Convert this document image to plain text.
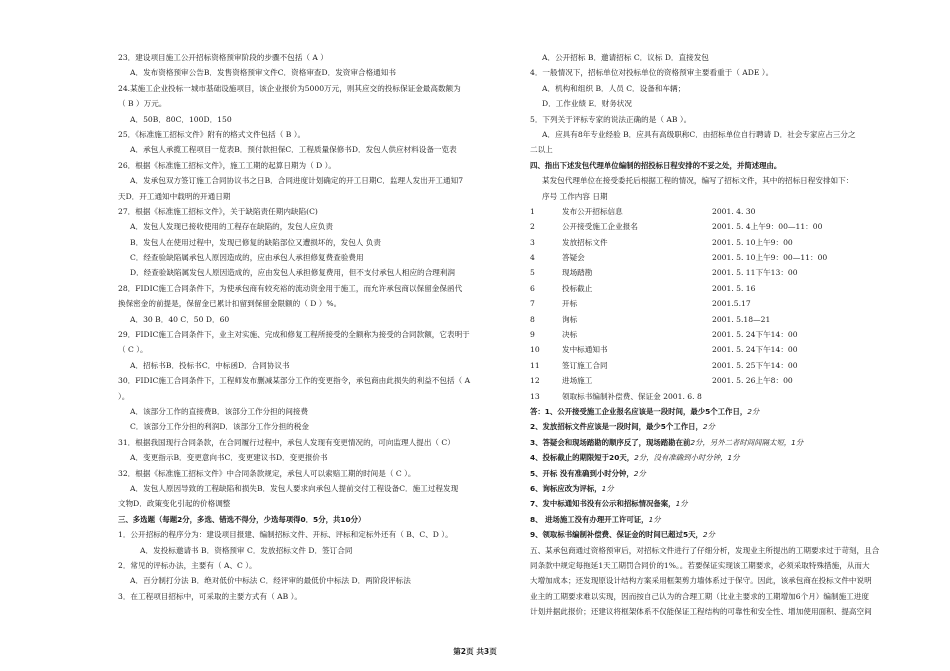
23．建设项目施工公开招标资格预审阶段的步骤不包括（ A ）
A．发布资格预审公告B．发售资格预审文件C．资格审查D．发资审合格通知书
24.某施工企业投标一城市基础设施项目，该企业报价为5000万元，则其应交的投标保证金最高数额为
（ B ）万元。
A．50B．80C．100D．150
25．《标准施工招标文件》附有的格式文件包括（ B ）。
A．承包人承揽工程项目一览表B．预付款担保C．工程质量保修书D．发包人供应材料设备一览表
26．根据《标准施工招标文件》，施工工期的起算日期为（ D ）。
A．发承包双方签订施工合同协议书之日B．合同进度计划确定的开工日期C．监理人发出开工通知7
天D．开工通知中载明的开通日期
27．根据《标准施工招标文件》，关于缺陷责任期内缺陷(C)
A．发包人发现已接收使用的工程存在缺陷的，发包人应负责
B．发包人在使用过程中，发现已修复的缺陷部位又遭损坏的，发包人 负责
C．经查验缺陷属承包人原因造成的，应由承包人承担修复费查验费用
D．经查验缺陷属发包人原因造成的，应由发包人承担修复费用，但不支付承包人相应的合理利润
28．FIDIC施工合同条件下，为使承包商有较充裕的流动资金用于施工，而允许承包商以保留金保函代
换保密金的前提是，保留金已累计扣留到保留金限额的（ D ）%。
A．30 B．40 C．50 D．60
29．FIDIC施工合同条件下，业主对实施、完成和修复工程所接受的全额称为接受的合同款额，它表明于
（ C ）。
A．招标书B．投标书C．中标函D．合同协议书
30．FIDIC施工合同条件下，工程师发布删减某部分工作的变更指令，承包商由此损失的利益不包括（ A
）。
A．该部分工作的直接费B．该部分工作分担的间接费
C．该部分工作分担的利润D．该部分工作分担的税金
31．根据我国现行合同条款，在合同履行过程中，承包人发现有变更情况的，可向监理人提出（ C）
A．变更指示B．变更意向书C．变更建议书D．变更报价书
32．根据《标准施工招标文件》中合同条款规定，承包人可以索赔工期的时间是（ C ）。
A．发包人原因导致的工程缺陷和损失B．发包人要求向承包人提前交付工程设备C．施工过程发现
文物D．政策变化引起的价格调整
三、多选题（每题2分，多选、错选不得分，少选每项得0．5分，共10分）
1．公开招标的程序分为：建设项目报建、编制招标文件、开标、评标和定标外还有（ B、C、D ）。
A．发投标邀请书 B．资格预审 C．发放招标文件 D．签订合同
2．常见的评标办法，主要有（ A、C ）。
A．百分制打分法 B．绝对低价中标法 C．经评审的最低价中标法 D．两阶段评标法
3．在工程项目招标中，可采取的主要方式有（ AB ）。
A．公开招标 B．邀请招标 C．议标 D．直接发包
4．一般情况下，招标单位对投标单位的资格预审主要看重于（ ADE ）。
A．机构和组织 B．人员 C．设备和车辆；
D．工作业绩 E．财务状况
5．下列关于评标专家的说法正确的是（ AB ）。
A．应具有8年专业经验 B．应具有高级职称C．由招标单位自行聘请 D．社会专家应占三分之
二以上
四、指出下述发包代理单位编制的招投标日程安排的不妥之处，并简述理由。
某发包代理单位在接受委托后根据工程的情况，编写了招标文件，其中的招标日程安排如下：
序号 工作内容 日期
1	发布公开招标信息	2001. 4. 30
2	公开接受施工企业报名	2001. 5. 4上午9：00—11：00
3	发放招标文件	2001. 5. 10上午9：00
4	答疑会	2001. 5. 10上午9：00—11：00
5	现场踏勘	2001. 5. 11下午13：00
6	投标截止	2001. 5. 16
7	开标	2001.5.17
8	询标	2001. 5.18—21
9	决标	2001. 5. 24下午14：00
10	发中标通知书	2001. 5. 24下午14：00
11	签订施工合同	2001. 5. 25下午14：00
12	进场施工	2001. 5. 26上午8：00
13	领取标书编制补偿费、保证金 2001. 6. 8
答：1、公开接受施工企业报名应该是一段时间，最少5个工作日，2分
2、发放招标文件应该是一段时间，最少5个工作日，2分
3、答疑会和现场踏勘的顺序反了，现场踏勘在前2分，另外二者时间间隔太短，1分
4、投标截止的期限短于20天，2分，没有准确到小时分钟，1分
5、开标 没有准确到小时分钟，2分
6、询标应改为评标，1分
7、发中标通知书没有公示和招标情况备案，1分
8、 进场施工没有办理开工许可证，1分
9、领取标书编制补偿费、保证金的时间已超过5天，2分
五、某承包商通过资格预审后，对招标文件进行了仔细分析，发现业主所提出的工期要求过于苛刻，且合
同条款中规定每拖延1天工期罚合同价的1%。。若要保证实现该工期要求，必须采取特殊措施，从而大
大增加成本；还发现原设计结构方案采用框架剪力墙体系过于保守。因此，该承包商在投标文件中说明
业主的工期要求难以实现，因而按自己认为的合理工期（比业主要求的工期增加6个月）编制施工进度
计划并据此报价；还建议将框架体系不仅能保证工程结构的可靠性和安全性、增加使用面积、提高空间
第2页 共3页
